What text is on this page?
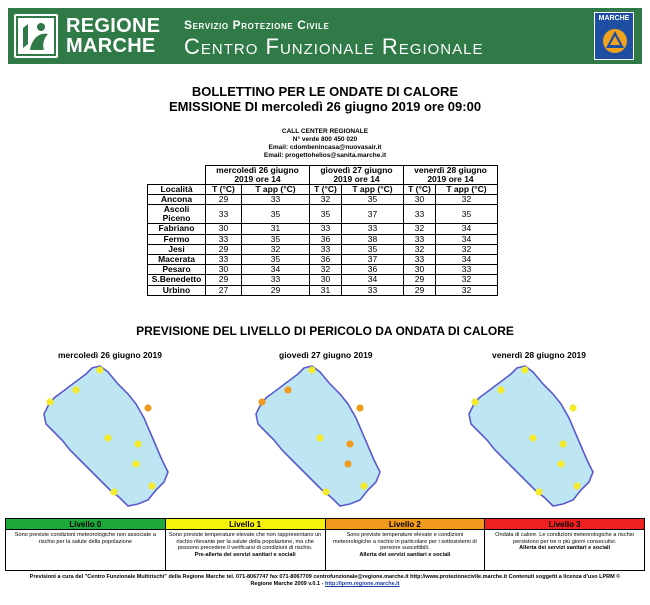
REGIONE
MARCHE
Servizio Protezione Civile
Centro Funzionale Regionale
MARCHE
BOLLETTINO PER LE ONDATE DI CALORE
EMISSIONE DI mercoledì 26 giugno 2019 ore 09:00
CALL CENTER REGIONALE
N° verde 800 450 020
Email: cdombenincasa@nuovasair.it
Email: progettohelios@sanita.marche.it
	mercoledì 26 giugno 2019 ore 14		giovedì 27 giugno 2019 ore 14		venerdì 28 giugno 2019 ore 14	
Località	T (°C)	T app (°C)	T (°C)	T app (°C)	T (°C)	T app (°C)
Ancona	29	33	32	35	30	32
Ascoli Piceno	33	35	35	37	33	35
Fabriano	30	31	33	33	32	34
Fermo	33	35	36	38	33	34
Jesi	29	32	33	35	32	32
Macerata	33	35	36	37	33	34
Pesaro	30	34	32	36	30	33
S.Benedetto	29	33	30	34	29	32
Urbino	27	29	31	33	29	32
PREVISIONE DEL LIVELLO DI PERICOLO DA ONDATA DI CALORE
mercoledì 26 giugno 2019	giovedì 27 giugno 2019	venerdì 28 giugno 2019
Livello 0
Sono previste condizioni meteorologiche non associate a rischio per la salute della popolazione
Livello 1
Sono previste temperature elevate che non rappresentano un rischio rilevante per la salute della popolazione, ma che possono precedere il verificarsi di condizioni di rischio.
Pre-allerta dei servizi sanitari e sociali
Livello 2
Sono previste temperature elevate e condizioni meteorologiche a rischio in particolare per i sottosistemi di persone suscettibili.
Allerta dei servizi sanitari e sociali
Livello 3
Ondata di calore. Le condizioni meteorologiche a rischio persistono per tre o più giorni consecutivi.
Allerta dei servizi sanitari e sociali
Previsioni a cura del "Centro Funzionale Multirischi" della Regione Marche tel. 071-8067747 fax 071-8067709 centrofunzionale@regione.marche.it http://www.protezionecivile.marche.it Contenuti soggetti a licenza d'uso LPRM ©
Regione Marche 2009 v.0.1 - http://lprm.regione.marche.it
